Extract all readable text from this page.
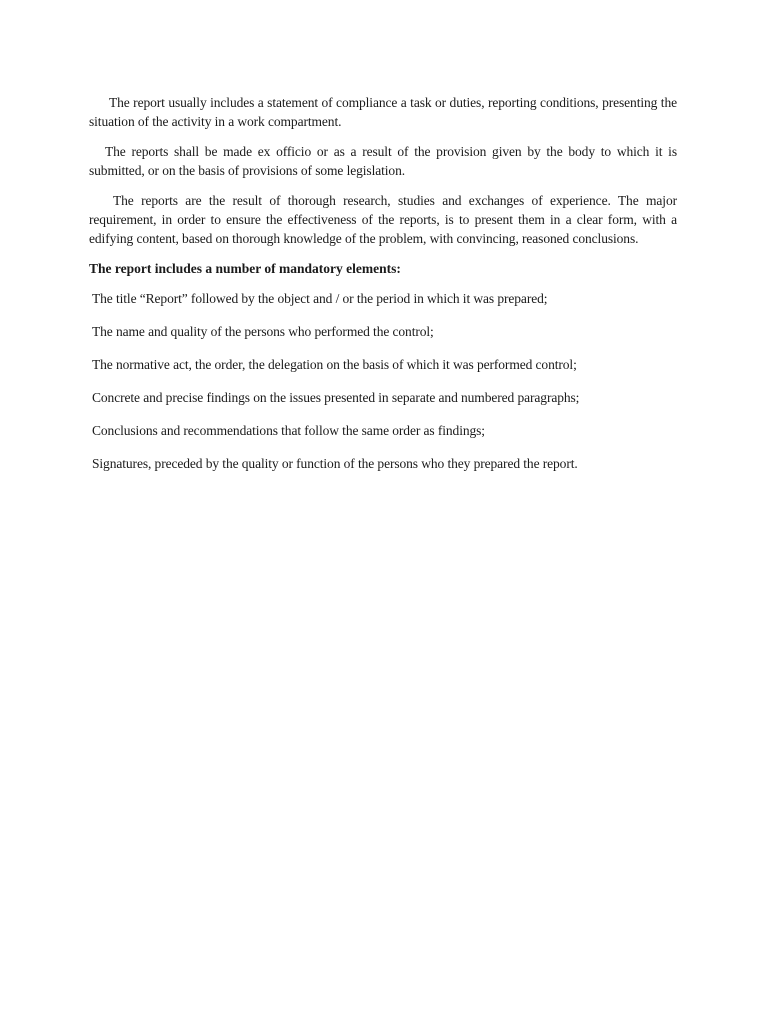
The report usually includes a statement of compliance a task or duties, reporting conditions, presenting the situation of the activity in a work compartment.

The reports shall be made ex officio or as a result of the provision given by the body to which it is submitted, or on the basis of provisions of some legislation.

The reports are the result of thorough research, studies and exchanges of experience. The major requirement, in order to ensure the effectiveness of the reports, is to present them in a clear form, with a edifying content, based on thorough knowledge of the problem, with convincing, reasoned conclusions.

The report includes a number of mandatory elements:

The title “Report” followed by the object and / or the period in which it was prepared;
The name and quality of the persons who performed the control;
The normative act, the order, the delegation on the basis of which it was performed control;
Concrete and precise findings on the issues presented in separate and numbered paragraphs;
Conclusions and recommendations that follow the same order as findings;
Signatures, preceded by the quality or function of the persons who they prepared the report.
